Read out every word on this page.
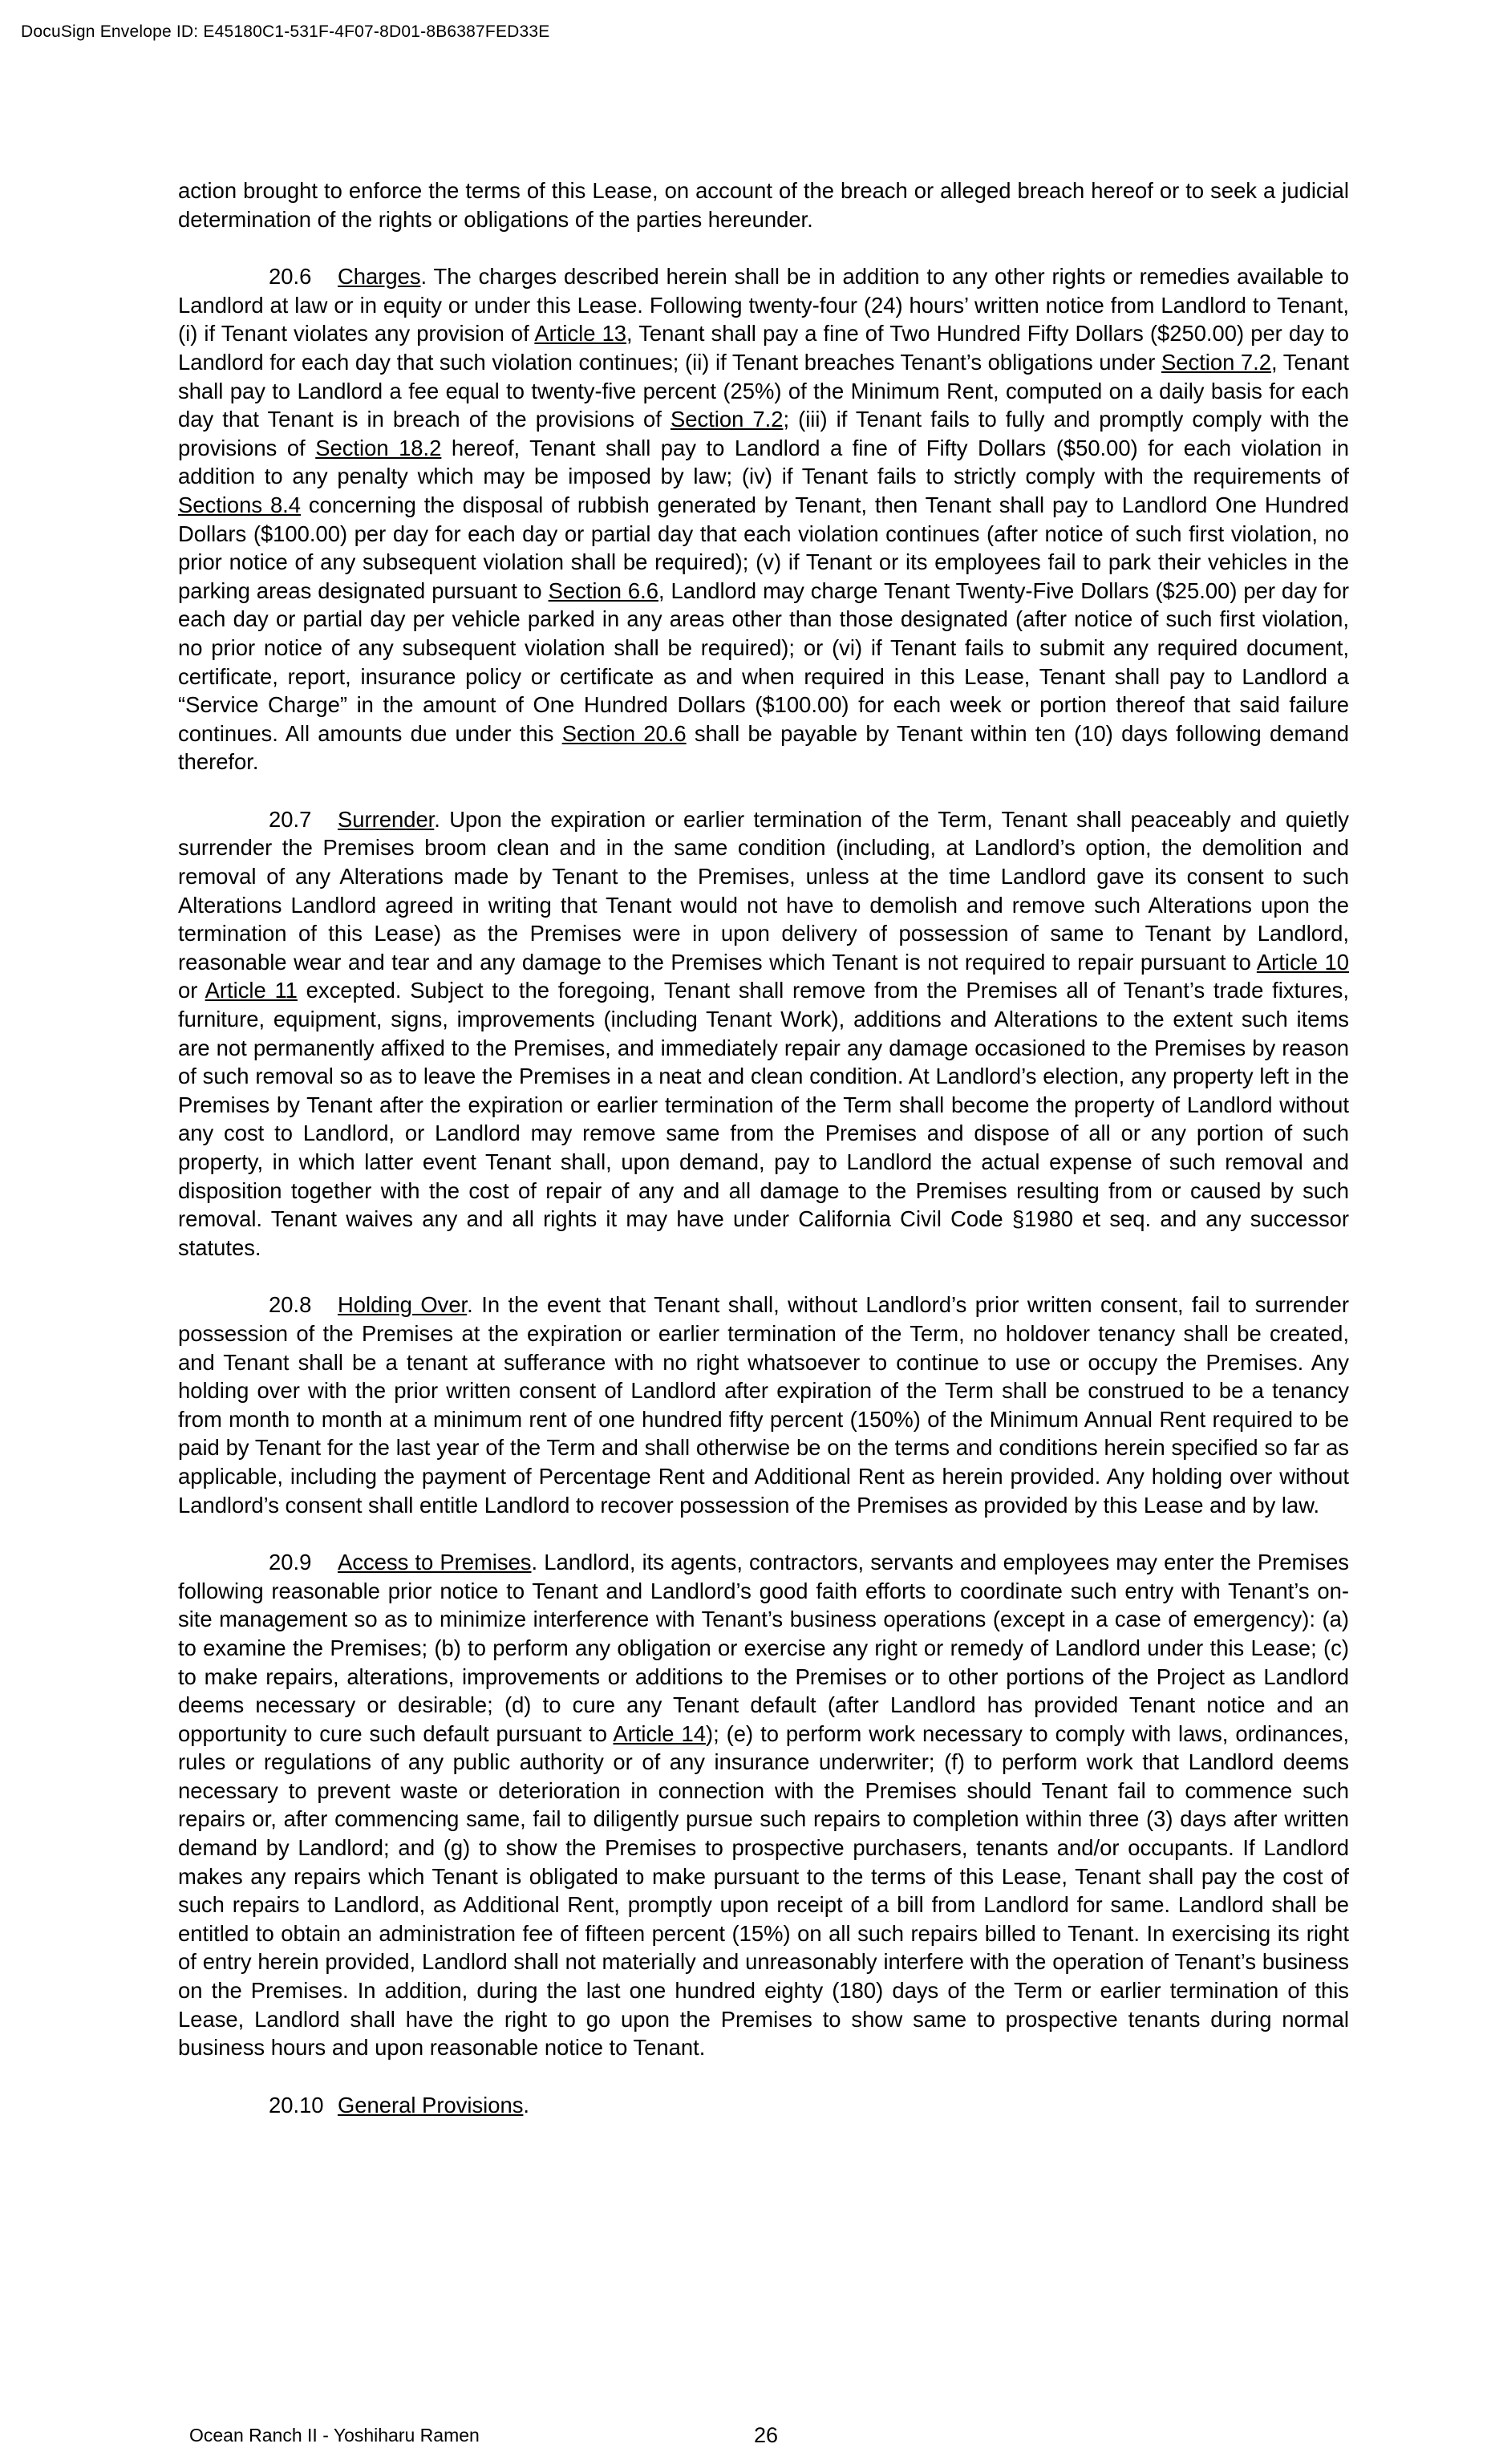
DocuSign Envelope ID: E45180C1-531F-4F07-8D01-8B6387FED33E

action brought to enforce the terms of this Lease, on account of the breach or alleged breach hereof or to seek a judicial determination of the rights or obligations of the parties hereunder.

20.6 Charges. The charges described herein shall be in addition to any other rights or remedies available to Landlord at law or in equity or under this Lease. Following twenty-four (24) hours’ written notice from Landlord to Tenant, (i) if Tenant violates any provision of Article 13, Tenant shall pay a fine of Two Hundred Fifty Dollars ($250.00) per day to Landlord for each day that such violation continues; (ii) if Tenant breaches Tenant’s obligations under Section 7.2, Tenant shall pay to Landlord a fee equal to twenty-five percent (25%) of the Minimum Rent, computed on a daily basis for each day that Tenant is in breach of the provisions of Section 7.2; (iii) if Tenant fails to fully and promptly comply with the provisions of Section 18.2 hereof, Tenant shall pay to Landlord a fine of Fifty Dollars ($50.00) for each violation in addition to any penalty which may be imposed by law; (iv) if Tenant fails to strictly comply with the requirements of Sections 8.4 concerning the disposal of rubbish generated by Tenant, then Tenant shall pay to Landlord One Hundred Dollars ($100.00) per day for each day or partial day that each violation continues (after notice of such first violation, no prior notice of any subsequent violation shall be required); (v) if Tenant or its employees fail to park their vehicles in the parking areas designated pursuant to Section 6.6, Landlord may charge Tenant Twenty-Five Dollars ($25.00) per day for each day or partial day per vehicle parked in any areas other than those designated (after notice of such first violation, no prior notice of any subsequent violation shall be required); or (vi) if Tenant fails to submit any required document, certificate, report, insurance policy or certificate as and when required in this Lease, Tenant shall pay to Landlord a “Service Charge” in the amount of One Hundred Dollars ($100.00) for each week or portion thereof that said failure continues. All amounts due under this Section 20.6 shall be payable by Tenant within ten (10) days following demand therefor.

20.7 Surrender. Upon the expiration or earlier termination of the Term, Tenant shall peaceably and quietly surrender the Premises broom clean and in the same condition (including, at Landlord’s option, the demolition and removal of any Alterations made by Tenant to the Premises, unless at the time Landlord gave its consent to such Alterations Landlord agreed in writing that Tenant would not have to demolish and remove such Alterations upon the termination of this Lease) as the Premises were in upon delivery of possession of same to Tenant by Landlord, reasonable wear and tear and any damage to the Premises which Tenant is not required to repair pursuant to Article 10 or Article 11 excepted. Subject to the foregoing, Tenant shall remove from the Premises all of Tenant’s trade fixtures, furniture, equipment, signs, improvements (including Tenant Work), additions and Alterations to the extent such items are not permanently affixed to the Premises, and immediately repair any damage occasioned to the Premises by reason of such removal so as to leave the Premises in a neat and clean condition. At Landlord’s election, any property left in the Premises by Tenant after the expiration or earlier termination of the Term shall become the property of Landlord without any cost to Landlord, or Landlord may remove same from the Premises and dispose of all or any portion of such property, in which latter event Tenant shall, upon demand, pay to Landlord the actual expense of such removal and disposition together with the cost of repair of any and all damage to the Premises resulting from or caused by such removal. Tenant waives any and all rights it may have under California Civil Code §1980 et seq. and any successor statutes.

20.8 Holding Over. In the event that Tenant shall, without Landlord’s prior written consent, fail to surrender possession of the Premises at the expiration or earlier termination of the Term, no holdover tenancy shall be created, and Tenant shall be a tenant at sufferance with no right whatsoever to continue to use or occupy the Premises. Any holding over with the prior written consent of Landlord after expiration of the Term shall be construed to be a tenancy from month to month at a minimum rent of one hundred fifty percent (150%) of the Minimum Annual Rent required to be paid by Tenant for the last year of the Term and shall otherwise be on the terms and conditions herein specified so far as applicable, including the payment of Percentage Rent and Additional Rent as herein provided. Any holding over without Landlord’s consent shall entitle Landlord to recover possession of the Premises as provided by this Lease and by law.

20.9 Access to Premises. Landlord, its agents, contractors, servants and employees may enter the Premises following reasonable prior notice to Tenant and Landlord’s good faith efforts to coordinate such entry with Tenant’s on-site management so as to minimize interference with Tenant’s business operations (except in a case of emergency): (a) to examine the Premises; (b) to perform any obligation or exercise any right or remedy of Landlord under this Lease; (c) to make repairs, alterations, improvements or additions to the Premises or to other portions of the Project as Landlord deems necessary or desirable; (d) to cure any Tenant default (after Landlord has provided Tenant notice and an opportunity to cure such default pursuant to Article 14); (e) to perform work necessary to comply with laws, ordinances, rules or regulations of any public authority or of any insurance underwriter; (f) to perform work that Landlord deems necessary to prevent waste or deterioration in connection with the Premises should Tenant fail to commence such repairs or, after commencing same, fail to diligently pursue such repairs to completion within three (3) days after written demand by Landlord; and (g) to show the Premises to prospective purchasers, tenants and/or occupants. If Landlord makes any repairs which Tenant is obligated to make pursuant to the terms of this Lease, Tenant shall pay the cost of such repairs to Landlord, as Additional Rent, promptly upon receipt of a bill from Landlord for same. Landlord shall be entitled to obtain an administration fee of fifteen percent (15%) on all such repairs billed to Tenant. In exercising its right of entry herein provided, Landlord shall not materially and unreasonably interfere with the operation of Tenant’s business on the Premises. In addition, during the last one hundred eighty (180) days of the Term or earlier termination of this Lease, Landlord shall have the right to go upon the Premises to show same to prospective tenants during normal business hours and upon reasonable notice to Tenant.

20.10 General Provisions.

Ocean Ranch II - Yoshiharu Ramen	26
